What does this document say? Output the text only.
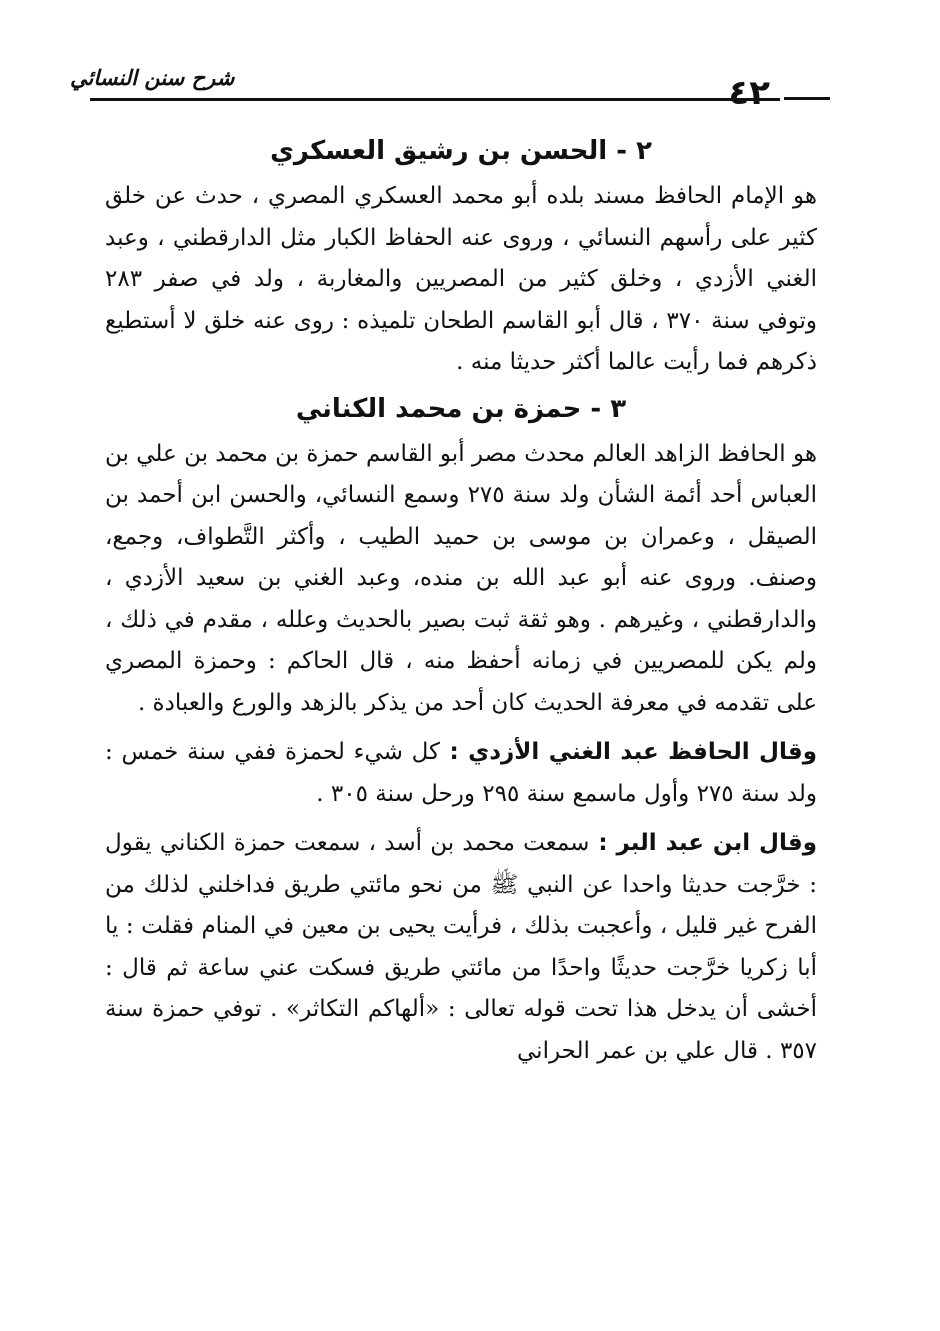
شرح سنن النسائي	٤٢
٢ - الحسن بن رشيق العسكري

هو الإمام الحافظ مسند بلده أبو محمد العسكري المصري ، حدث عن خلق كثير على رأسهم النسائي ، وروى عنه الحفاظ الكبار مثل الدارقطني ، وعبد الغني الأزدي ، وخلق كثير من المصريين والمغاربة ، ولد في صفر ٢٨٣ وتوفي سنة ٣٧٠ ، قال أبو القاسم الطحان تلميذه : روى عنه خلق لا أستطيع ذكرهم فما رأيت عالما أكثر حديثا منه .

٣ - حمزة بن محمد الكناني

هو الحافظ الزاهد العالم محدث مصر أبو القاسم حمزة بن محمد بن علي بن العباس أحد أئمة الشأن ولد سنة ٢٧٥ وسمع النسائي، والحسن ابن أحمد بن الصيقل ، وعمران بن موسى بن حميد الطيب ، وأكثر التَّطواف، وجمع، وصنف. وروى عنه أبو عبد الله بن منده، وعبد الغني بن سعيد الأزدي ، والدارقطني ، وغيرهم . وهو ثقة ثبت بصير بالحديث وعلله ، مقدم في ذلك ، ولم يكن للمصريين في زمانه أحفظ منه ، قال الحاكم : وحمزة المصري على تقدمه في معرفة الحديث كان أحد من يذكر بالزهد والورع والعبادة .

وقال الحافظ عبد الغني الأزدي : كل شيء لحمزة ففي سنة خمس : ولد سنة ٢٧٥ وأول ماسمع سنة ٢٩٥ ورحل سنة ٣٠٥ .

وقال ابن عبد البر : سمعت محمد بن أسد ، سمعت حمزة الكناني يقول : خرَّجت حديثا واحدا عن النبي ﷺ من نحو مائتي طريق فداخلني لذلك من الفرح غير قليل ، وأعجبت بذلك ، فرأيت يحيى بن معين في المنام فقلت : يا أبا زكريا خرَّجت حديثًا واحدًا من مائتي طريق فسكت عني ساعة ثم قال : أخشى أن يدخل هذا تحت قوله تعالى : «ألهاكم التكاثر» . توفي حمزة سنة ٣٥٧ . قال علي بن عمر الحراني
